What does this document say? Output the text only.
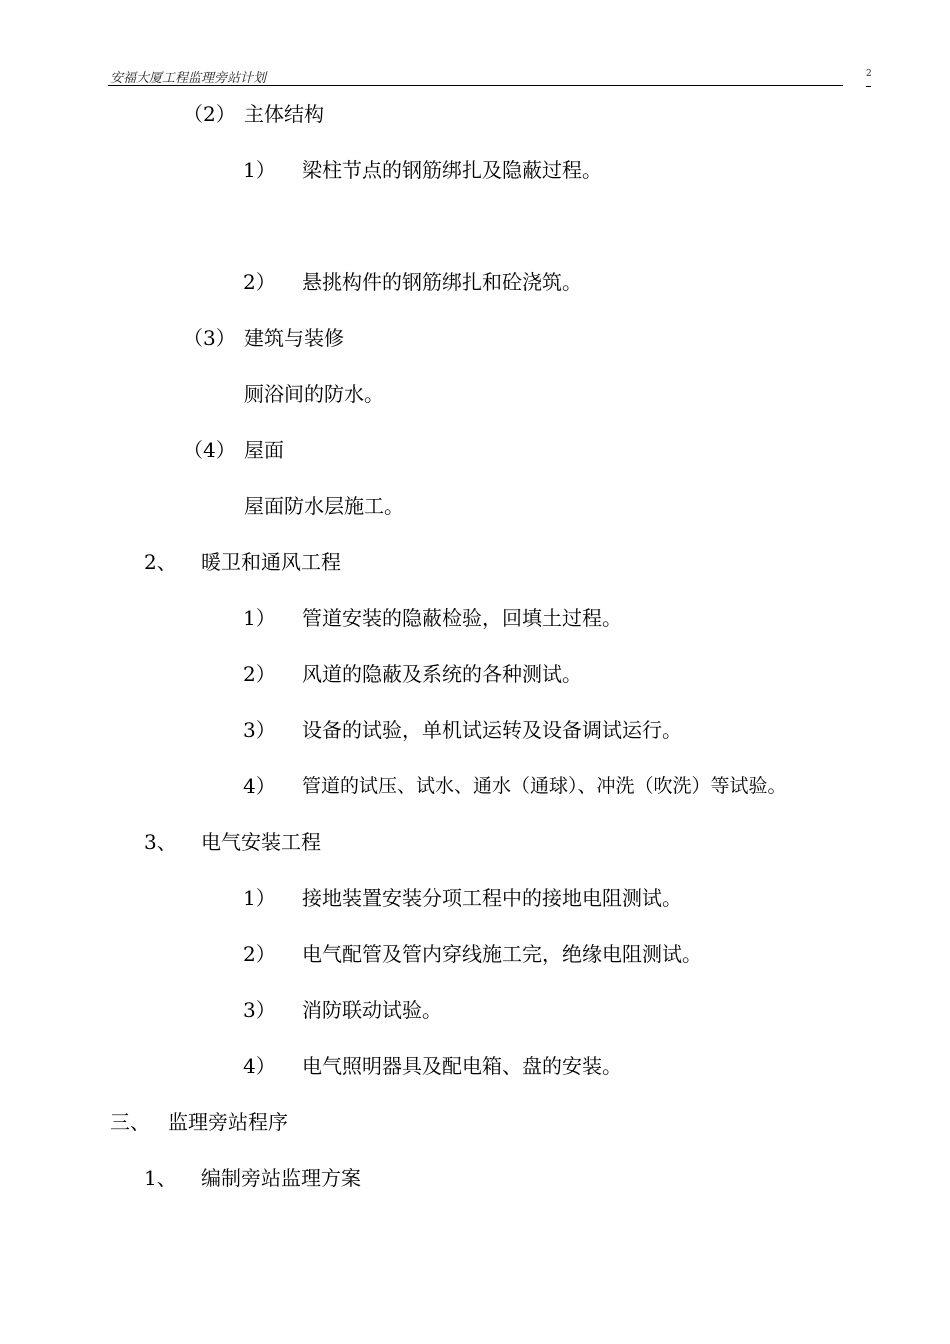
安福大厦工程监理旁站计划	2
（2） 主体结构
1） 梁柱节点的钢筋绑扎及隐蔽过程。
2） 悬挑构件的钢筋绑扎和砼浇筑。
（3） 建筑与装修
厕浴间的防水。
（4） 屋面
屋面防水层施工。
2、 暖卫和通风工程
1） 管道安装的隐蔽检验，回填土过程。
2） 风道的隐蔽及系统的各种测试。
3） 设备的试验，单机试运转及设备调试运行。
4） 管道的试压、试水、通水（通球）、冲洗（吹洗）等试验。
3、 电气安装工程
1） 接地装置安装分项工程中的接地电阻测试。
2） 电气配管及管内穿线施工完，绝缘电阻测试。
3） 消防联动试验。
4） 电气照明器具及配电箱、盘的安装。
三、 监理旁站程序
1、 编制旁站监理方案
